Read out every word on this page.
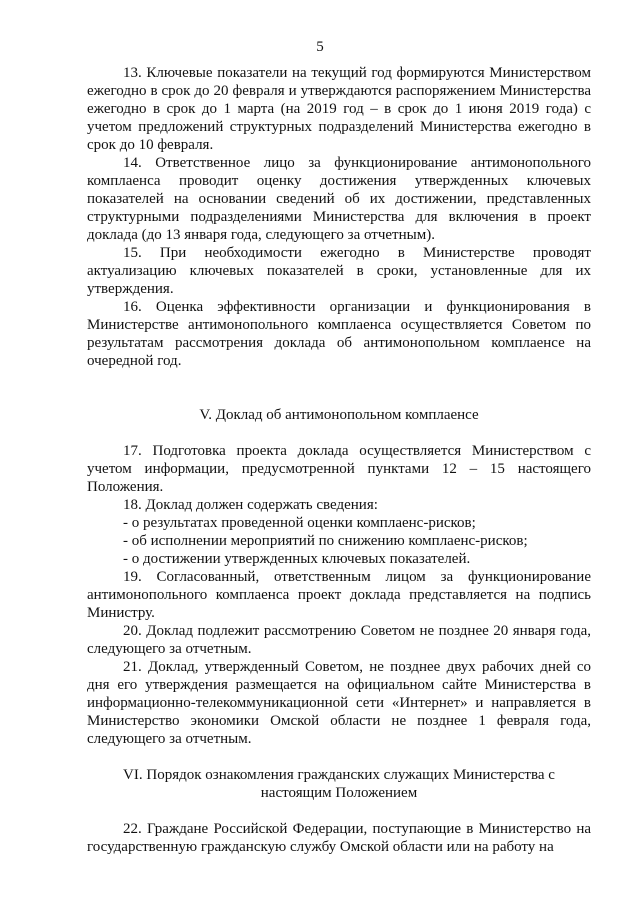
5

13. Ключевые показатели на текущий год формируются Министерством ежегодно в срок до 20 февраля и утверждаются распоряжением Министерства ежегодно в срок до 1 марта (на 2019 год – в срок до 1 июня 2019 года) с учетом предложений структурных подразделений Министерства ежегодно в срок до 10 февраля.

14. Ответственное лицо за функционирование антимонопольного комплаенса проводит оценку достижения утвержденных ключевых показателей на основании сведений об их достижении, представленных структурными подразделениями Министерства для включения в проект доклада (до 13 января года, следующего за отчетным).

15. При необходимости ежегодно в Министерстве проводят актуализацию ключевых показателей в сроки, установленные для их утверждения.

16. Оценка эффективности организации и функционирования в Министерстве антимонопольного комплаенса осуществляется Советом по результатам рассмотрения доклада об антимонопольном комплаенсе на очередной год.

V. Доклад об антимонопольном комплаенсе

17. Подготовка проекта доклада осуществляется Министерством с учетом информации, предусмотренной пунктами 12 – 15 настоящего Положения.

18. Доклад должен содержать сведения:

- о результатах проведенной оценки комплаенс-рисков;

- об исполнении мероприятий по снижению комплаенс-рисков;

- о достижении утвержденных ключевых показателей.

19. Согласованный, ответственным лицом за функционирование антимонопольного комплаенса проект доклада представляется на подпись Министру.

20. Доклад подлежит рассмотрению Советом не позднее 20 января года, следующего за отчетным.

21. Доклад, утвержденный Советом, не позднее двух рабочих дней со дня его утверждения размещается на официальном сайте Министерства в информационно-телекоммуникационной сети «Интернет» и направляется в Министерство экономики Омской области не позднее 1 февраля года, следующего за отчетным.

VI. Порядок ознакомления гражданских служащих Министерства с

настоящим Положением

22. Граждане Российской Федерации, поступающие в Министерство на государственную гражданскую службу Омской области или на работу на
